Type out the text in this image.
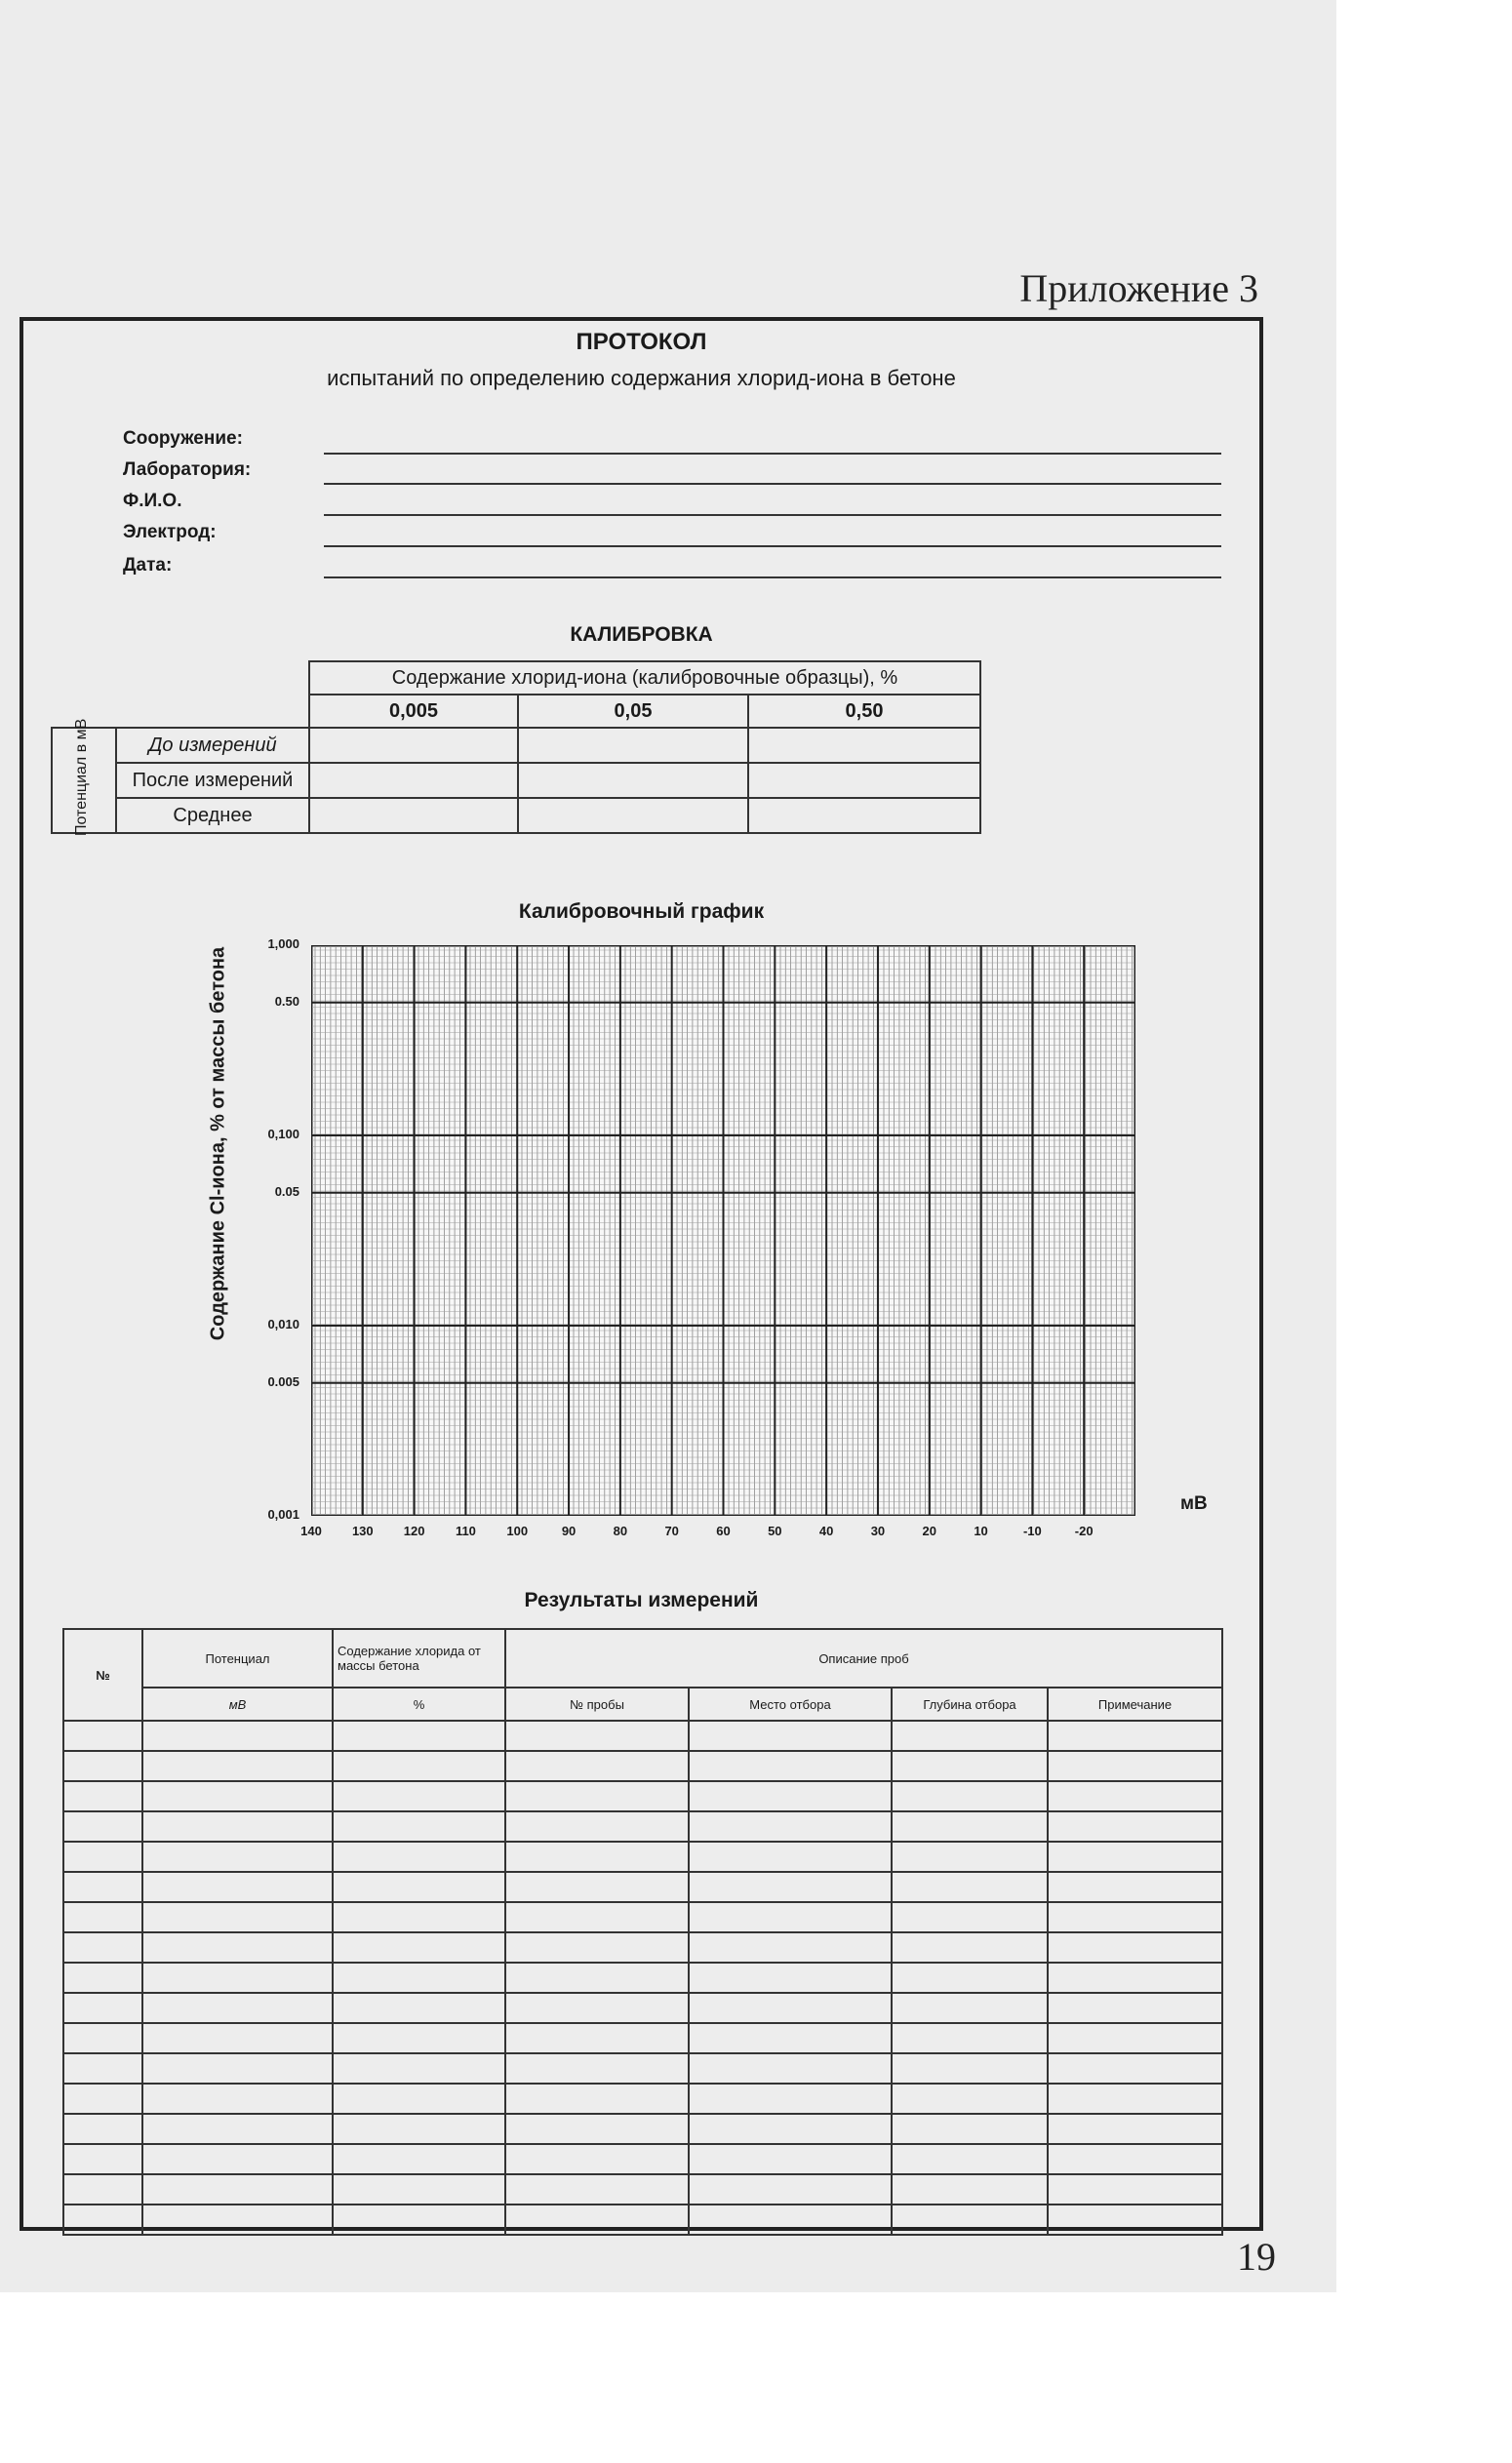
Приложение 3
ПРОТОКОЛ
испытаний по определению содержания хлорид-иона в бетоне
Сооружение:
Лаборатория:
Ф.И.О.
Электрод:
Дата:
КАЛИБРОВКА
		Содержание хлорид-иона (калибровочные образцы), %		
		0,005	0,05	0,50

Потенциал в мВ	До измерений			
	После измерений			
	Среднее			
Калибровочный график
Содержание Cl-иона, % от массы бетона
1,000
0.50
0,100
0.05
0,010
0.005
0,001
140	130	120	110	100	90	80	70	60	50	40	30	20	10	-10	-20
мВ
Результаты измерений
№	Потенциал	Содержание хлорида от массы бетона	Описание проб			
	мВ	%	№ пробы	Место отбора	Глубина отбора	Примечание

19
